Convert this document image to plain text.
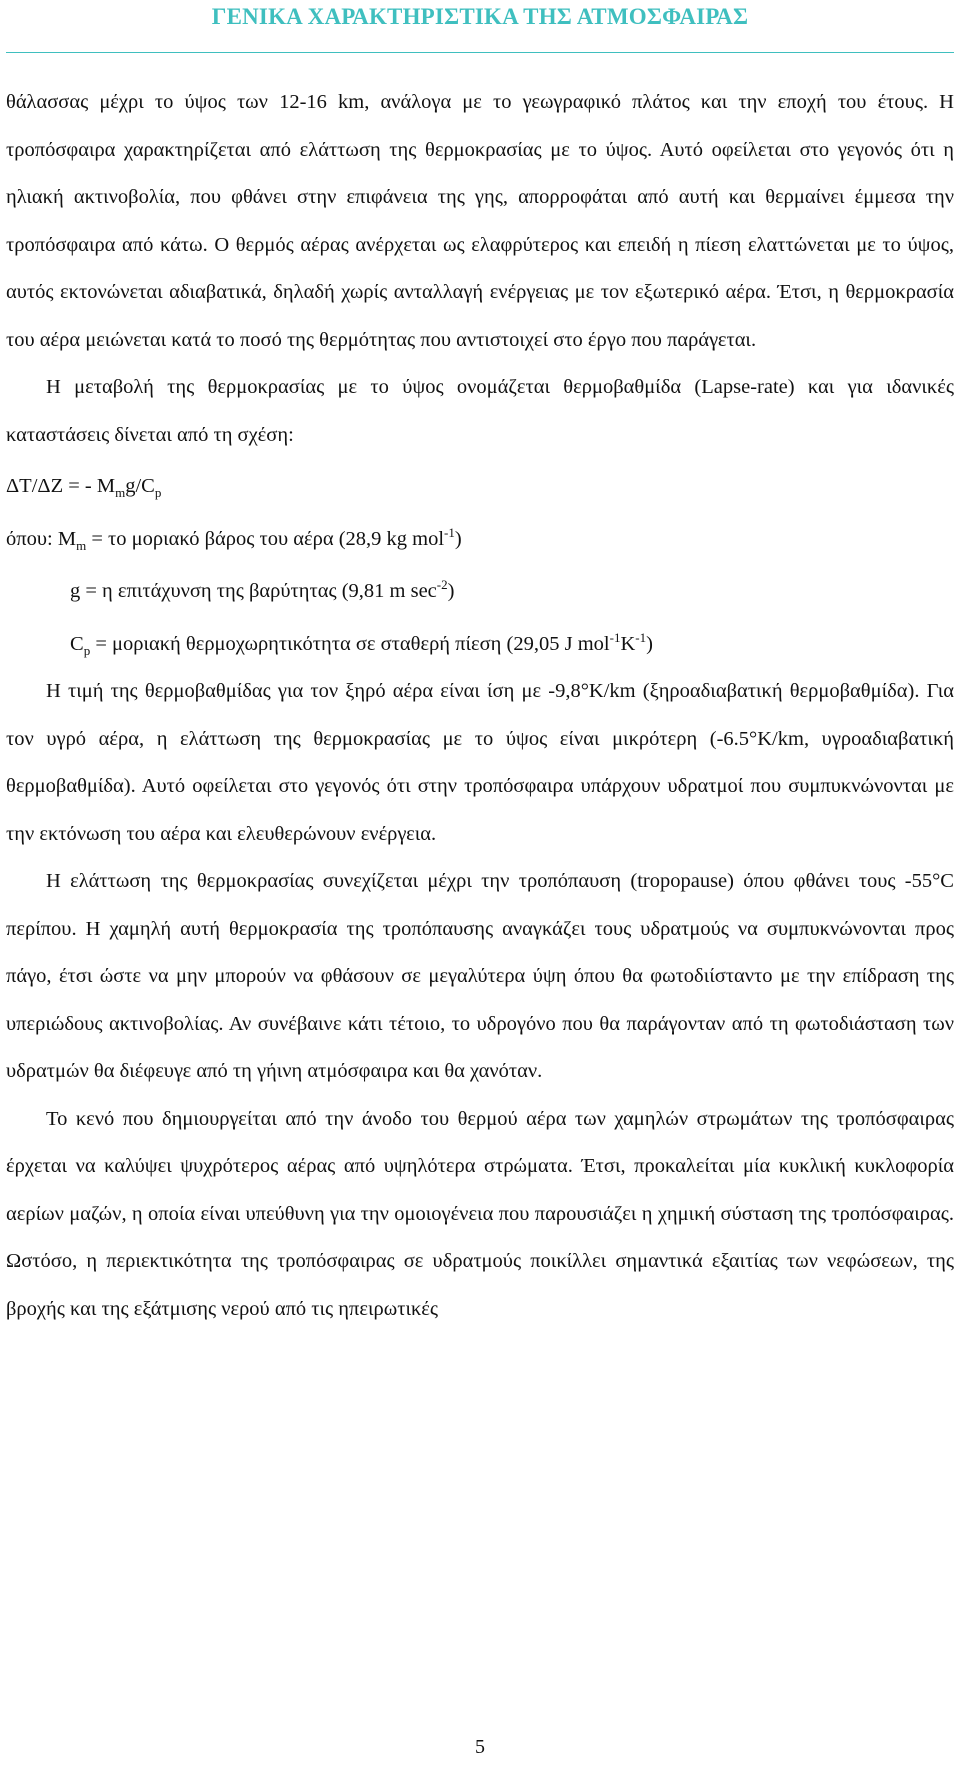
ΓΕΝΙΚΑ ΧΑΡΑΚΤΗΡΙΣΤΙΚΑ ΤΗΣ ΑΤΜΟΣΦΑΙΡΑΣ

θάλασσας μέχρι το ύψος των 12-16 km, ανάλογα με το γεωγραφικό πλάτος και την εποχή του έτους. Η τροπόσφαιρα χαρακτηρίζεται από ελάττωση της θερμοκρασίας με το ύψος. Αυτό οφείλεται στο γεγονός ότι η ηλιακή ακτινοβολία, που φθάνει στην επιφάνεια της γης, απορροφάται από αυτή και θερμαίνει έμμεσα την τροπόσφαιρα από κάτω. Ο θερμός αέρας ανέρχεται ως ελαφρύτερος και επειδή η πίεση ελαττώνεται με το ύψος, αυτός εκτονώνεται αδιαβατικά, δηλαδή χωρίς ανταλλαγή ενέργειας με τον εξωτερικό αέρα. Έτσι, η θερμοκρασία του αέρα μειώνεται κατά το ποσό της θερμότητας που αντιστοιχεί στο έργο που παράγεται.

Η μεταβολή της θερμοκρασίας με το ύψος ονομάζεται θερμοβαθμίδα (Lapse-rate) και για ιδανικές καταστάσεις δίνεται από τη σχέση:

ΔT/ΔZ = - $M_mg/C_p$

όπου: $M_m = \tau o$ μοριακό βάρος του αέρα (28,9 kg mol$^{-1}$)

g = η επιτάχυνση της βαρύτητας (9,81 m $\sec^{-2}$)

$C_p = \mu o\rho\iota\alpha\kappa ή$ θερμοχωρητικότητα σε σταθερή πίεση (29,05 J $mol^{-1}K^{-1}$)

Η τιμή της θερμοβαθμίδας για τον ξηρό αέρα είναι ίση με -9,8°K/km (ξηροαδιαβατική θερμοβαθμίδα). Για τον υγρό αέρα, η ελάττωση της θερμοκρασίας με το ύψος είναι μικρότερη (-6.5°K/km, υγροαδιαβατική θερμοβαθμίδα). Αυτό οφείλεται στο γεγονός ότι στην τροπόσφαιρα υπάρχουν υδρατμοί που συμπυκνώνονται με την εκτόνωση του αέρα και ελευθερώνουν ενέργεια.

Η ελάττωση της θερμοκρασίας συνεχίζεται μέχρι την τροπόπαυση (tropopause) όπου φθάνει τους -55°C περίπου. Η χαμηλή αυτή θερμοκρασία της τροπόπαυσης αναγκάζει τους υδρατμούς να συμπυκνώνονται προς πάγο, έτσι ώστε να μην μπορούν να φθάσουν σε μεγαλύτερα ύψη όπου θα φωτοδιίσταντο με την επίδραση της υπεριώδους ακτινοβολίας. Αν συνέβαινε κάτι τέτοιο, το υδρογόνο που θα παράγονταν από τη φωτοδιάσταση των υδρατμών θα διέφευγε από τη γήινη ατμόσφαιρα και θα χανόταν.

Το κενό που δημιουργείται από την άνοδο του θερμού αέρα των χαμηλών στρωμάτων της τροπόσφαιρας έρχεται να καλύψει ψυχρότερος αέρας από υψηλότερα στρώματα. Έτσι, προκαλείται μία κυκλική κυκλοφορία αερίων μαζών, η οποία είναι υπεύθυνη για την ομοιογένεια που παρουσιάζει η χημική σύσταση της τροπόσφαιρας. Ωστόσο, η περιεκτικότητα της τροπόσφαιρας σε υδρατμούς ποικίλλει σημαντικά εξαιτίας των νεφώσεων, της βροχής και της εξάτμισης νερού από τις ηπειρωτικές

5
